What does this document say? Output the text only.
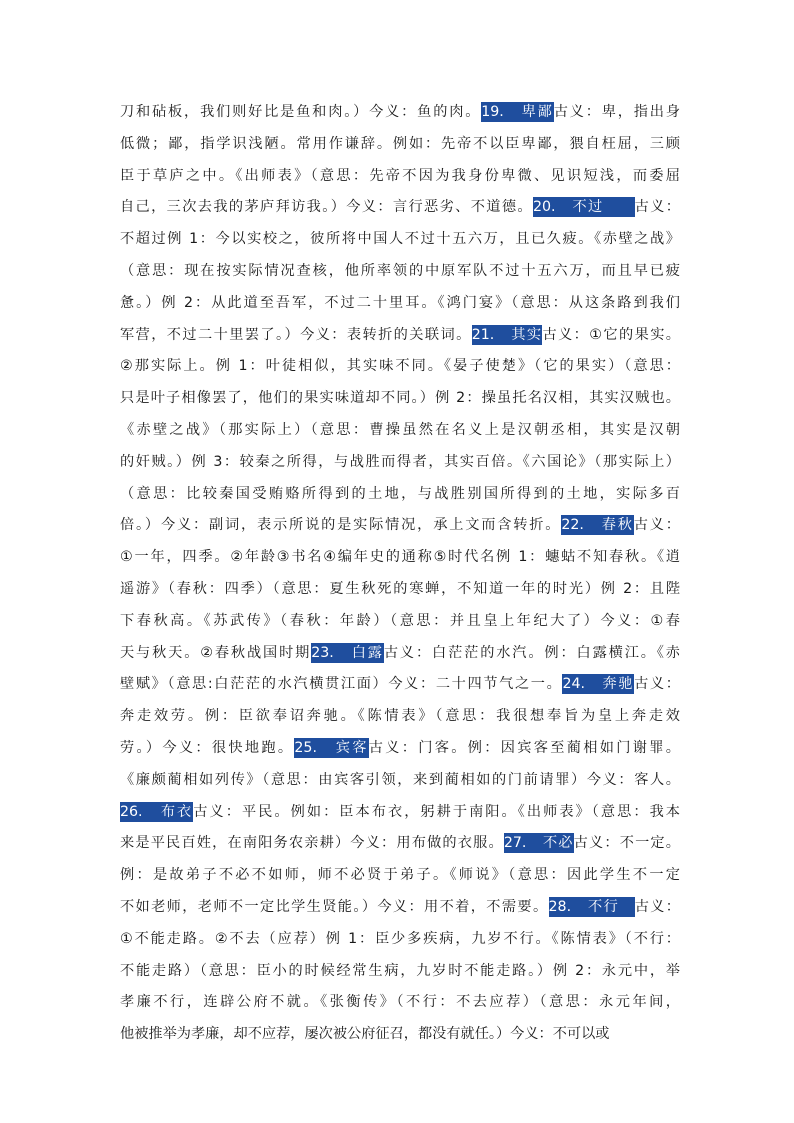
刀和砧板，我们则好比是鱼和肉。）今义：鱼的肉。19.　卑鄙古义：卑，指出身
低微；鄙，指学识浅陋。常用作谦辞。例如：先帝不以臣卑鄙，猥自枉屈，三顾
臣于草庐之中。《出师表》（意思：先帝不因为我身份卑微、见识短浅，而委屈
自己，三次去我的茅庐拜访我。）今义：言行恶劣、不道德。20.　不过　　古义：
不超过例 1：今以实校之，彼所将中国人不过十五六万，且已久疲。《赤壁之战》
（意思：现在按实际情况查核，他所率领的中原军队不过十五六万，而且早已疲
惫。）例 2：从此道至吾军，不过二十里耳。《鸿门宴》（意思：从这条路到我们
军营，不过二十里罢了。）今义：表转折的关联词。21.　其实古义：①它的果实。
②那实际上。例 1：叶徒相似，其实味不同。《晏子使楚》（它的果实）（意思：
只是叶子相像罢了，他们的果实味道却不同。）例 2：操虽托名汉相，其实汉贼也。
《赤壁之战》（那实际上）（意思：曹操虽然在名义上是汉朝丞相，其实是汉朝
的奸贼。）例 3：较秦之所得，与战胜而得者，其实百倍。《六国论》（那实际上）
（意思：比较秦国受贿赂所得到的土地，与战胜别国所得到的土地，实际多百
倍。）今义：副词，表示所说的是实际情况，承上文而含转折。22.　春秋古义：
①一年，四季。②年龄③书名④编年史的通称⑤时代名例 1：蟪蛄不知春秋。《逍
遥游》（春秋：四季）（意思：夏生秋死的寒蝉，不知道一年的时光）例 2：且陛
下春秋高。《苏武传》（春秋：年龄）（意思：并且皇上年纪大了）今义：①春
天与秋天。②春秋战国时期23.　白露古义：白茫茫的水汽。例：白露横江。《赤
壁赋》（意思:白茫茫的水汽横贯江面）今义：二十四节气之一。24.　奔驰古义：
奔走效劳。例：臣欲奉诏奔驰。《陈情表》（意思：我很想奉旨为皇上奔走效
劳。）今义：很快地跑。25.　宾客古义：门客。例：因宾客至蔺相如门谢罪。
《廉颇蔺相如列传》（意思：由宾客引领，来到蔺相如的门前请罪）今义：客人。
26.　布衣古义：平民。例如：臣本布衣，躬耕于南阳。《出师表》（意思：我本
来是平民百姓，在南阳务农亲耕）今义：用布做的衣服。27.　不必古义：不一定。
例：是故弟子不必不如师，师不必贤于弟子。《师说》（意思：因此学生不一定
不如老师，老师不一定比学生贤能。）今义：用不着，不需要。28.　不行　古义：
①不能走路。②不去（应荐）例 1：臣少多疾病，九岁不行。《陈情表》（不行：
不能走路）（意思：臣小的时候经常生病，九岁时不能走路。）例 2：永元中，举
孝廉不行，连辟公府不就。《张衡传》（不行：不去应荐）（意思：永元年间，
他被推举为孝廉，却不应荐，屡次被公府征召，都没有就任。）今义：不可以或
